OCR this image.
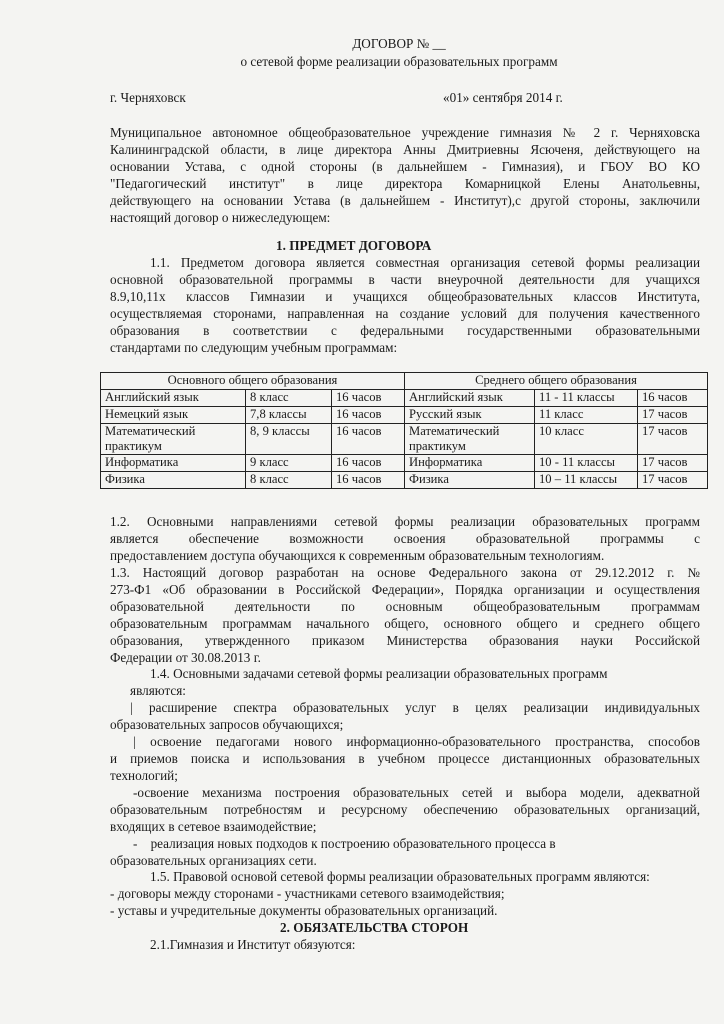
ДОГОВОР № __
о сетевой форме реализации образовательных программ
г. Черняховск	«01» сентября 2014 г.
Муниципальное автономное общеобразовательное учреждение гимназия № 2 г. Черняховска
Калининградской области, в лице директора Анны Дмитриевны Ясюченя, действующего на
основании Устава, с одной стороны (в дальнейшем - Гимназия), и ГБОУ ВО КО
"Педагогический институт" в лице директора Комарницкой Елены Анатольевны,
действующего на основании Устава (в дальнейшем - Институт),с другой стороны, заключили
настоящий договор о нижеследующем:
1. ПРЕДМЕТ ДОГОВОРА
1.1. Предметом договора является совместная организация сетевой формы реализации
основной образовательной программы в части внеурочной деятельности для учащихся
8.9,10,11х классов Гимназии и учащихся общеобразовательных классов Института,
осуществляемая сторонами, направленная на создание условий для получения качественного
образования в соответствии с федеральными государственными образовательными
стандартами по следующим учебным программам:
Основного общего образования			Среднего общего образования		
Английский язык	8 класс	16 часов	Английский язык	11 - 11 классы	16 часов
Немецкий язык	7,8 классы	16 часов	Русский язык	11 класс	17 часов
Математический практикум	8, 9 классы	16 часов	Математический практикум	10 класс	17 часов
Информатика	9 класс	16 часов	Информатика	10 - 11 классы	17 часов
Физика	8 класс	16 часов	Физика	10 – 11 классы	17 часов
1.2. Основными направлениями сетевой формы реализации образовательных программ
является обеспечение возможности освоения образовательной программы с
предоставлением доступа обучающихся к современным образовательным технологиям.
1.3. Настоящий договор разработан на основе Федерального закона от 29.12.2012 г. №
273-Ф1 «Об образовании в Российской Федерации», Порядка организации и осуществления
образовательной деятельности по основным общеобразовательным программам
образовательным программам начального общего, основного общего и среднего общего
образования, утвержденного приказом Министерства образования науки Российской
Федерации от 30.08.2013 г.
1.4. Основными задачами сетевой формы реализации образовательных программ
являются:
| расширение спектра образовательных услуг в целях реализации индивидуальных
образовательных запросов обучающихся;
| освоение педагогами нового информационно-образовательного пространства, способов
и приемов поиска и использования в учебном процессе дистанционных образовательных
технологий;
-освоение механизма построения образовательных сетей и выбора модели, адекватной
образовательным потребностям и ресурсному обеспечению образовательных организаций,
входящих в сетевое взаимодействие;
-    реализация новых подходов к построению образовательного процесса в
образовательных организациях сети.
1.5. Правовой основой сетевой формы реализации образовательных программ являются:
- договоры между сторонами - участниками сетевого взаимодействия;
- уставы и учредительные документы образовательных организаций.
2. ОБЯЗАТЕЛЬСТВА СТОРОН
2.1.Гимназия и Институт обязуются:
